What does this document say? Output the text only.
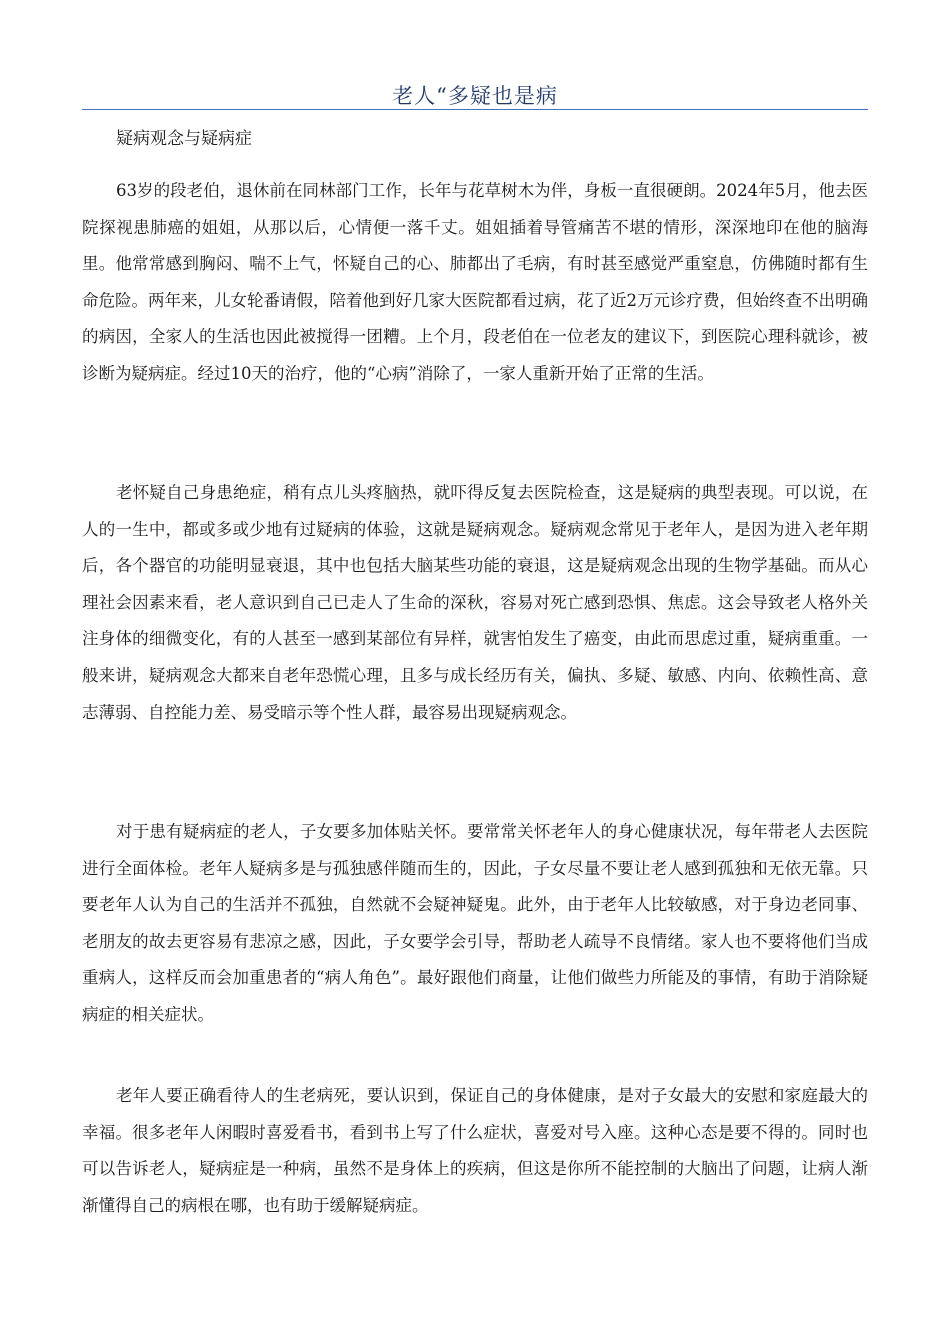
老人“多疑也是病
疑病观念与疑病症

63岁的段老伯，退休前在同林部门工作，长年与花草树木为伴，身板一直很硬朗。2024年5月，他去医院探视患肺癌的姐姐，从那以后，心情便一落千丈。姐姐插着导管痛苦不堪的情形，深深地印在他的脑海里。他常常感到胸闷、喘不上气，怀疑自己的心、肺都出了毛病，有时甚至感觉严重窒息，仿佛随时都有生命危险。两年来，儿女轮番请假，陪着他到好几家大医院都看过病，花了近2万元诊疗费，但始终查不出明确的病因，全家人的生活也因此被搅得一团糟。上个月，段老伯在一位老友的建议下，到医院心理科就诊，被诊断为疑病症。经过10天的治疗，他的“心病”消除了，一家人重新开始了正常的生活。

老怀疑自己身患绝症，稍有点儿头疼脑热，就吓得反复去医院检查，这是疑病的典型表现。可以说，在人的一生中，都或多或少地有过疑病的体验，这就是疑病观念。疑病观念常见于老年人，是因为进入老年期后，各个器官的功能明显衰退，其中也包括大脑某些功能的衰退，这是疑病观念出现的生物学基础。而从心理社会因素来看，老人意识到自己已走人了生命的深秋，容易对死亡感到恐惧、焦虑。这会导致老人格外关注身体的细微变化，有的人甚至一感到某部位有异样，就害怕发生了癌变，由此而思虑过重，疑病重重。一般来讲，疑病观念大都来自老年恐慌心理，且多与成长经历有关，偏执、多疑、敏感、内向、依赖性高、意志薄弱、自控能力差、易受暗示等个性人群，最容易出现疑病观念。

对于患有疑病症的老人，子女要多加体贴关怀。要常常关怀老年人的身心健康状况，每年带老人去医院进行全面体检。老年人疑病多是与孤独感伴随而生的，因此，子女尽量不要让老人感到孤独和无依无靠。只要老年人认为自己的生活并不孤独，自然就不会疑神疑鬼。此外，由于老年人比较敏感，对于身边老同事、老朋友的故去更容易有悲凉之感，因此，子女要学会引导，帮助老人疏导不良情绪。家人也不要将他们当成重病人，这样反而会加重患者的“病人角色”。最好跟他们商量，让他们做些力所能及的事情，有助于消除疑病症的相关症状。

老年人要正确看待人的生老病死，要认识到，保证自己的身体健康，是对子女最大的安慰和家庭最大的幸福。很多老年人闲暇时喜爱看书，看到书上写了什么症状，喜爱对号入座。这种心态是要不得的。同时也可以告诉老人，疑病症是一种病，虽然不是身体上的疾病，但这是你所不能控制的大脑出了问题，让病人渐渐懂得自己的病根在哪，也有助于缓解疑病症。
